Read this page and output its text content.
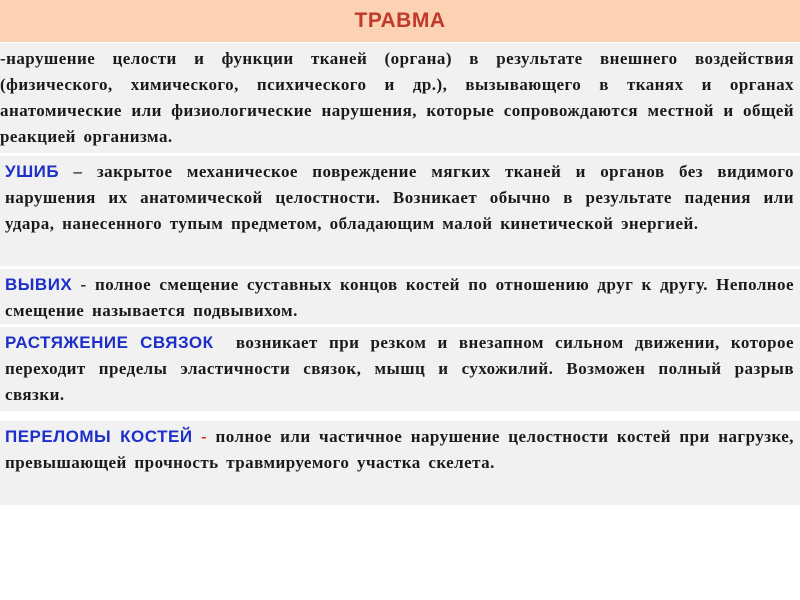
ТРАВМА
-нарушение целости и функции тканей (органа) в результате внешнего воздействия (физического, химического, психического и др.), вызывающего в тканях и органах анатомические или физиологические нарушения, которые сопровождаются местной и общей реакцией организма.
УШИБ – закрытое механическое повреждение мягких тканей и органов без видимого нарушения их анатомической целостности. Возникает обычно в результате падения или удара, нанесенного тупым предметом, обладающим малой кинетической энергией.
ВЫВИХ - полное смещение суставных концов костей по отношению друг к другу. Неполное смещение называется подвывихом.
РАСТЯЖЕНИЕ СВЯЗОК возникает при резком и внезапном сильном движении, которое переходит пределы эластичности связок, мышц и сухожилий. Возможен полный разрыв связки.
ПЕРЕЛОМЫ КОСТЕЙ - полное или частичное нарушение целостности костей при нагрузке, превышающей прочность травмируемого участка скелета.
